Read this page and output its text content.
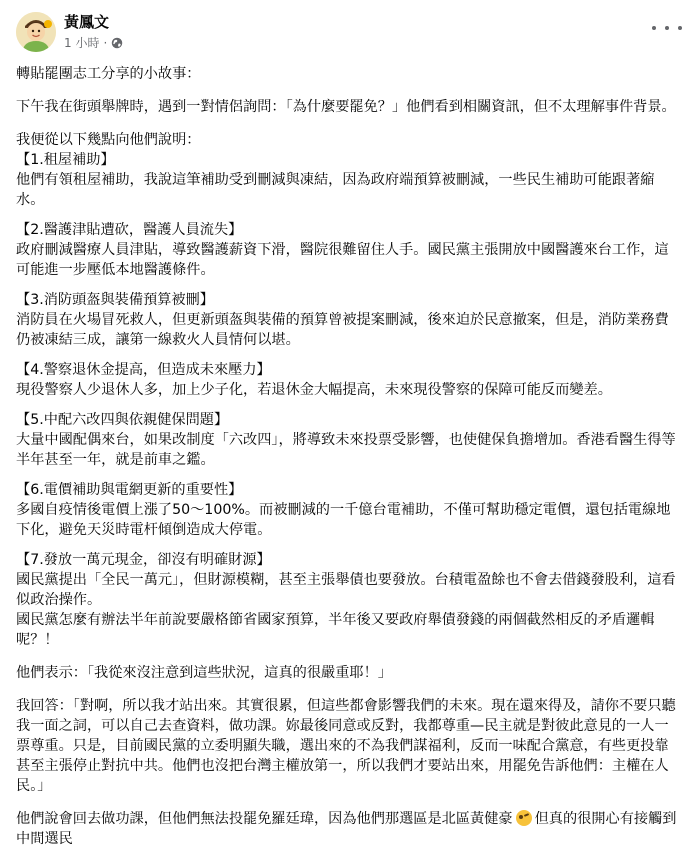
黃鳳文
1 小時 ·

轉貼罷團志工分享的小故事：

下午我在街頭舉牌時，遇到一對情侶詢問：「為什麼要罷免？」他們看到相關資訊，但不太理解事件背景。

我便從以下幾點向他們說明：

【1.租屋補助】

他們有領租屋補助，我說這筆補助受到刪減與凍結，因為政府端預算被刪減，一些民生補助可能跟著縮水。

【2.醫護津貼遭砍，醫護人員流失】

政府刪減醫療人員津貼，導致醫護薪資下滑，醫院很難留住人手。國民黨主張開放中國醫護來台工作，這可能進一步壓低本地醫護條件。

【3.消防頭盔與裝備預算被刪】

消防員在火場冒死救人，但更新頭盔與裝備的預算曾被提案刪減，後來迫於民意撤案，但是，消防業務費仍被凍結三成，讓第一線救火人員情何以堪。

【4.警察退休金提高，但造成未來壓力】

現役警察人少退休人多，加上少子化，若退休金大幅提高，未來現役警察的保障可能反而變差。

【5.中配六改四與依親健保問題】

大量中國配偶來台，如果改制度「六改四」，將導致未來投票受影響，也使健保負擔增加。香港看醫生得等半年甚至一年，就是前車之鑑。

【6.電價補助與電網更新的重要性】

多國自疫情後電價上漲了50～100%。而被刪減的一千億台電補助，不僅可幫助穩定電價，還包括電線地下化，避免天災時電杆傾倒造成大停電。

【7.發放一萬元現金，卻沒有明確財源】

國民黨提出「全民一萬元」，但財源模糊，甚至主張舉債也要發放。台積電盈餘也不會去借錢發股利，這看似政治操作。

國民黨怎麼有辦法半年前說要嚴格節省國家預算，半年後又要政府舉債發錢的兩個截然相反的矛盾邏輯呢？！

他們表示：「我從來沒注意到這些狀況，這真的很嚴重耶！」

我回答：「對啊，所以我才站出來。其實很累，但這些都會影響我們的未來。現在還來得及，請你不要只聽我一面之詞，可以自己去查資料，做功課。妳最後同意或反對，我都尊重—民主就是對彼此意見的一人一票尊重。只是，目前國民黨的立委明顯失職，選出來的不為我們謀福利，反而一味配合黨意，有些更投靠甚至主張停止對抗中共。他們也沒把台灣主權放第一，所以我們才要站出來，用罷免告訴他們：主權在人民。」

他們說會回去做功課，但他們無法投罷免羅廷瑋，因為他們那選區是北區黃健豪 但真的很開心有接觸到中間選民
